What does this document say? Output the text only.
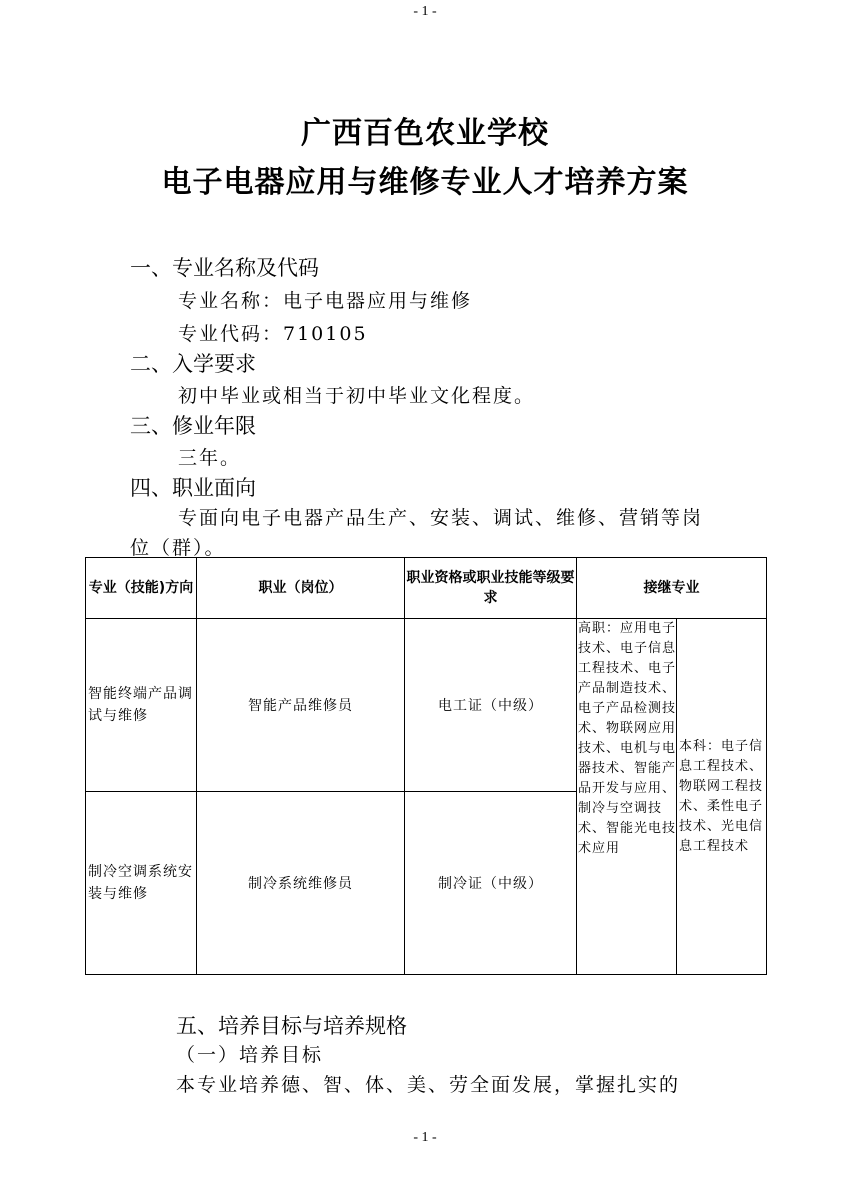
- 1 -
广西百色农业学校
电子电器应用与维修专业人才培养方案
一、专业名称及代码
专业名称：电子电器应用与维修
专业代码：710105
二、入学要求
初中毕业或相当于初中毕业文化程度。
三、修业年限
三年。
四、职业面向
专面向电子电器产品生产、安装、调试、维修、营销等岗
位（群）。
专业（技能)方向	职业（岗位）	职业资格或职业技能等级要求	接继专业	
智能终端产品调试与维修	智能产品维修员	电工证（中级）	高职：应用电子技术、电子信息工程技术、电子产品制造技术、电子产品检测技术、物联网应用技术、电机与电器技术、智能产品开发与应用、制冷与空调技术、智能光电技术应用	本科：电子信息工程技术、物联网工程技术、柔性电子技术、光电信息工程技术
制冷空调系统安装与维修	制冷系统维修员	制冷证（中级）		
五、培养目标与培养规格
（一）培养目标
本专业培养德、智、体、美、劳全面发展，掌握扎实的
- 1 -
